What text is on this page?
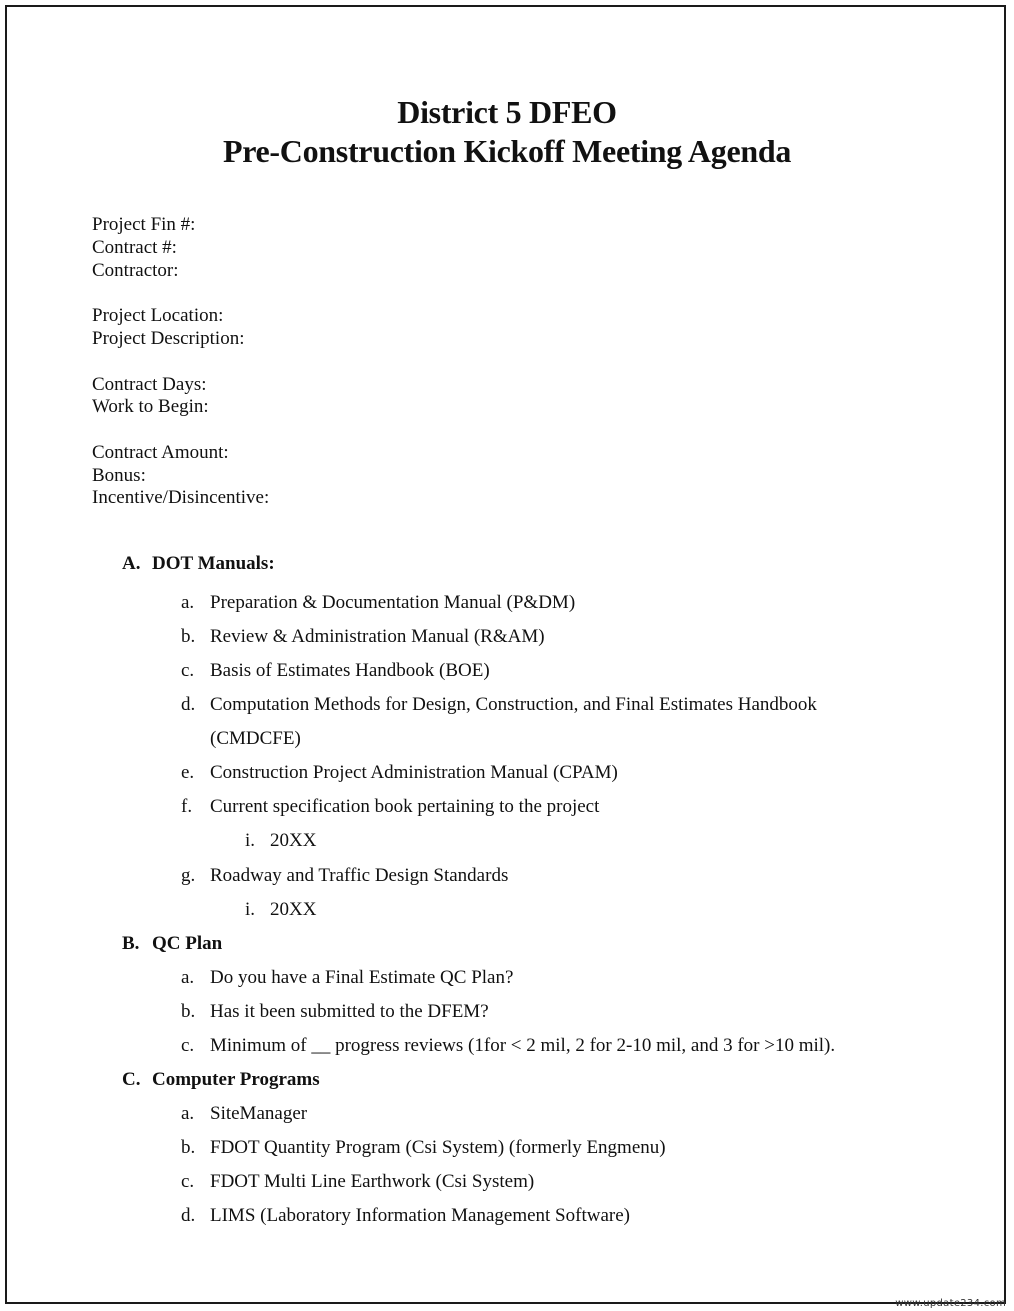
District 5 DFEO
Pre-Construction Kickoff Meeting Agenda
Project Fin #:
Contract #:
Contractor:
Project Location:
Project Description:
Contract Days:
Work to Begin:
Contract Amount:
Bonus:
Incentive/Disincentive:
A. DOT Manuals:
a. Preparation & Documentation Manual (P&DM)
b. Review & Administration Manual (R&AM)
c. Basis of Estimates Handbook (BOE)
d. Computation Methods for Design, Construction, and Final Estimates Handbook
(CMDCFE)
e. Construction Project Administration Manual (CPAM)
f. Current specification book pertaining to the project
i. 20XX
g. Roadway and Traffic Design Standards
i. 20XX
B. QC Plan
a. Do you have a Final Estimate QC Plan?
b. Has it been submitted to the DFEM?
c. Minimum of __ progress reviews (1for < 2 mil, 2 for 2-10 mil, and 3 for >10 mil).
C. Computer Programs
a. SiteManager
b. FDOT Quantity Program (Csi System) (formerly Engmenu)
c. FDOT Multi Line Earthwork (Csi System)
d. LIMS (Laboratory Information Management Software)
www.update234.com
